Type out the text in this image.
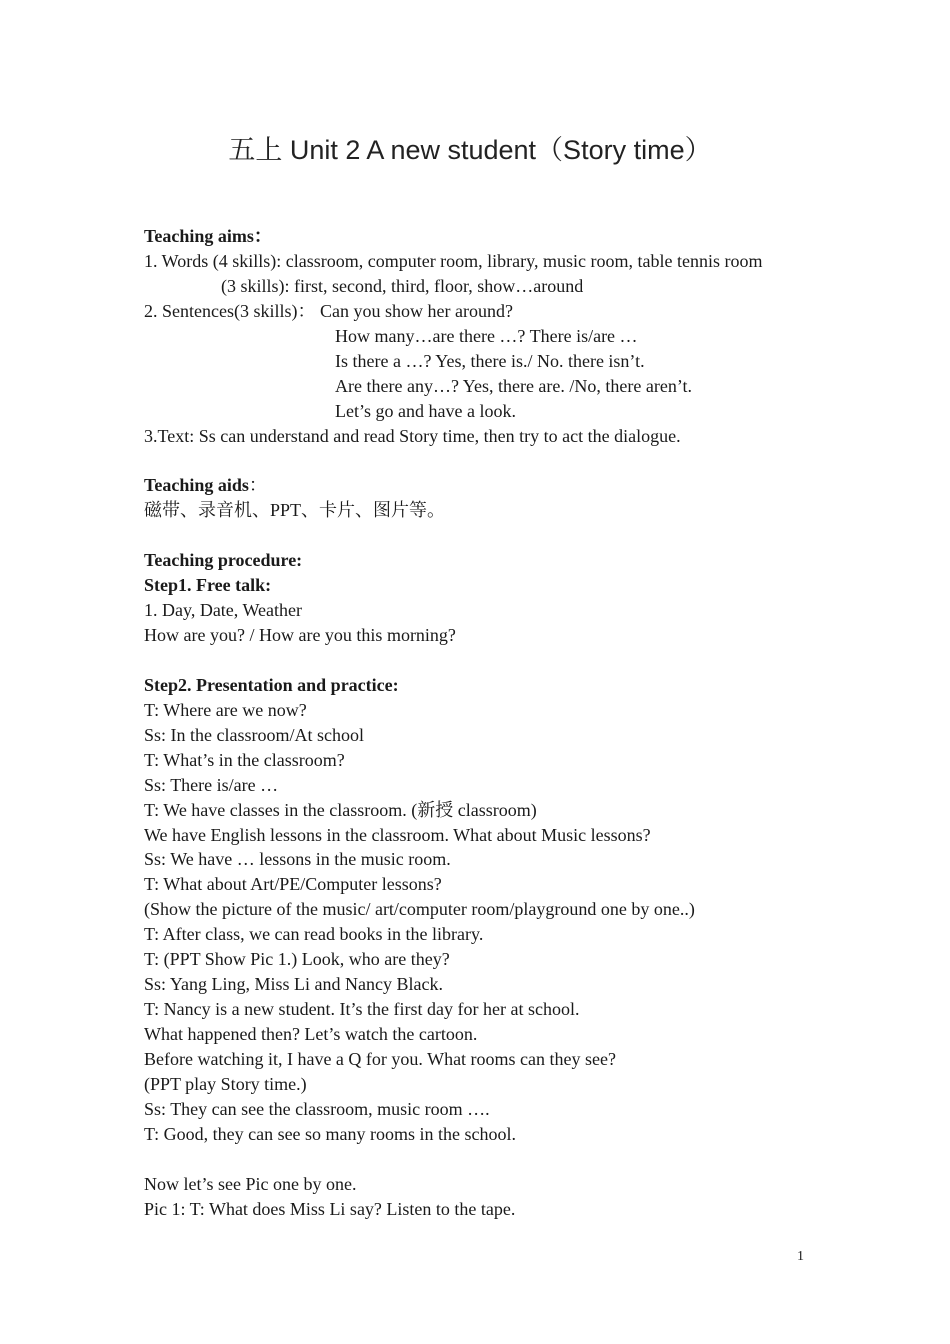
五上 Unit 2 A new student（Story time）
Teaching aims：
1. Words (4 skills): classroom, computer room, library, music room, table tennis room
(3 skills): first, second, third, floor, show…around
2. Sentences(3 skills)： Can you show her around?
How many…are there …? There is/are …
Is there a …? Yes, there is./ No. there isn’t.
Are there any…? Yes, there are. /No, there aren’t.
Let’s go and have a look.
3.Text: Ss can understand and read Story time, then try to act the dialogue.
Teaching aids：
磁带、录音机、PPT、卡片、图片等。
Teaching procedure:
Step1. Free talk:
1. Day, Date, Weather
How are you? / How are you this morning?
Step2. Presentation and practice:
T: Where are we now?
Ss: In the classroom/At school
T: What’s in the classroom?
Ss: There is/are …
T: We have classes in the classroom. (新授 classroom)
We have English lessons in the classroom. What about Music lessons?
Ss: We have … lessons in the music room.
T: What about Art/PE/Computer lessons?
(Show the picture of the music/ art/computer room/playground one by one..)
T: After class, we can read books in the library.
T: (PPT Show Pic 1.) Look, who are they?
Ss: Yang Ling, Miss Li and Nancy Black.
T: Nancy is a new student. It’s the first day for her at school.
What happened then? Let’s watch the cartoon.
Before watching it, I have a Q for you. What rooms can they see?
(PPT play Story time.)
Ss: They can see the classroom, music room ….
T: Good, they can see so many rooms in the school.
Now let’s see Pic one by one.
Pic 1: T: What does Miss Li say? Listen to the tape.
1
